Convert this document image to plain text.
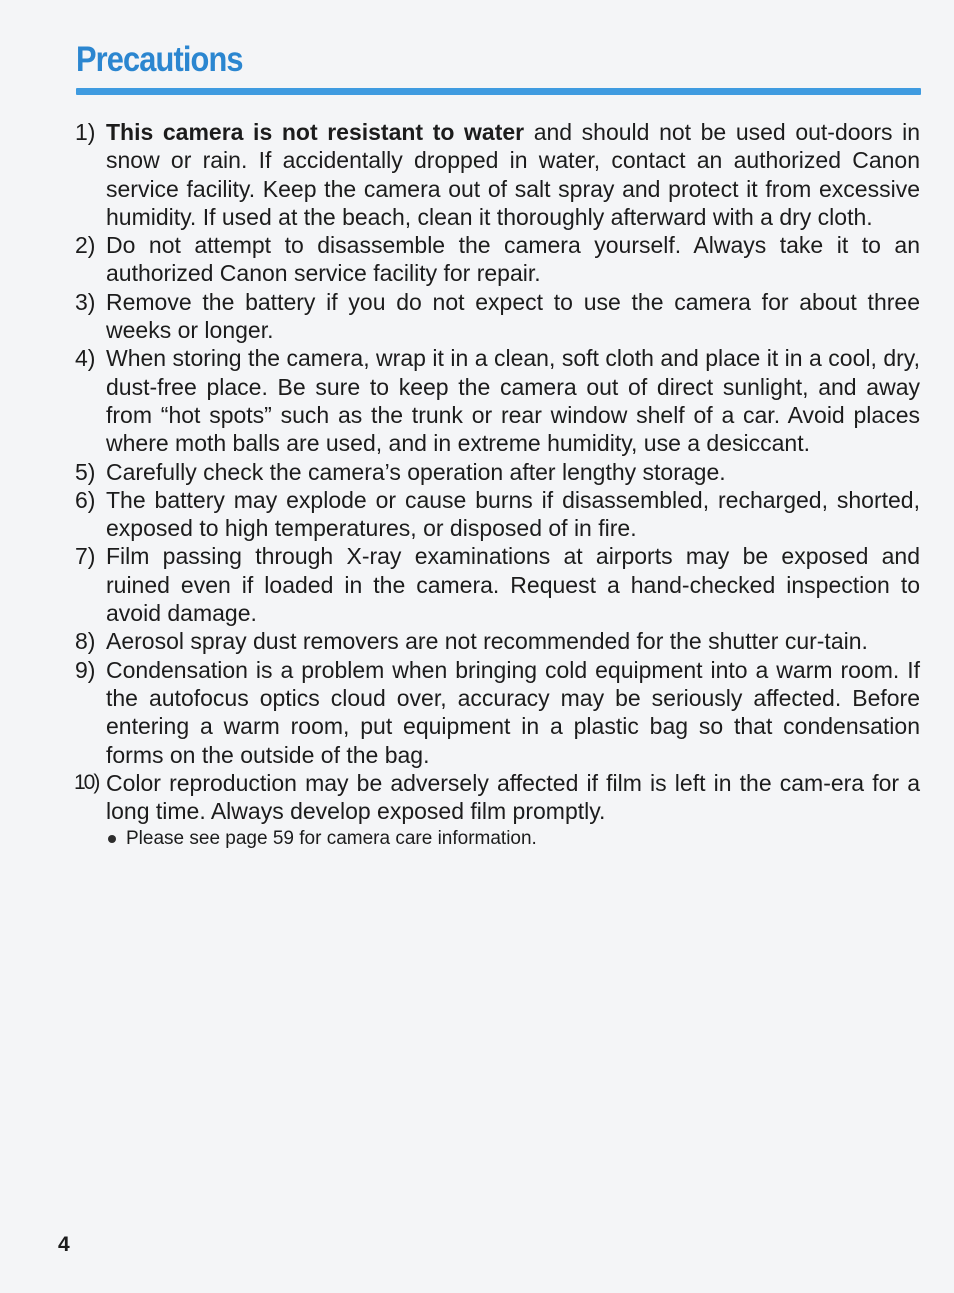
Precautions
1) This camera is not resistant to water and should not be used out-doors in snow or rain. If accidentally dropped in water, contact an authorized Canon service facility. Keep the camera out of salt spray and protect it from excessive humidity. If used at the beach, clean it thoroughly afterward with a dry cloth.
2) Do not attempt to disassemble the camera yourself. Always take it to an authorized Canon service facility for repair.
3) Remove the battery if you do not expect to use the camera for about three weeks or longer.
4) When storing the camera, wrap it in a clean, soft cloth and place it in a cool, dry, dust-free place. Be sure to keep the camera out of direct sunlight, and away from “hot spots” such as the trunk or rear window shelf of a car. Avoid places where moth balls are used, and in extreme humidity, use a desiccant.
5) Carefully check the camera’s operation after lengthy storage.
6) The battery may explode or cause burns if disassembled, recharged, shorted, exposed to high temperatures, or disposed of in fire.
7) Film passing through X-ray examinations at airports may be exposed and ruined even if loaded in the camera. Request a hand-checked inspection to avoid damage.
8) Aerosol spray dust removers are not recommended for the shutter cur-tain.
9) Condensation is a problem when bringing cold equipment into a warm room. If the autofocus optics cloud over, accuracy may be seriously affected. Before entering a warm room, put equipment in a plastic bag so that condensation forms on the outside of the bag.
10) Color reproduction may be adversely affected if film is left in the cam-era for a long time. Always develop exposed film promptly.
Please see page 59 for camera care information.

4
